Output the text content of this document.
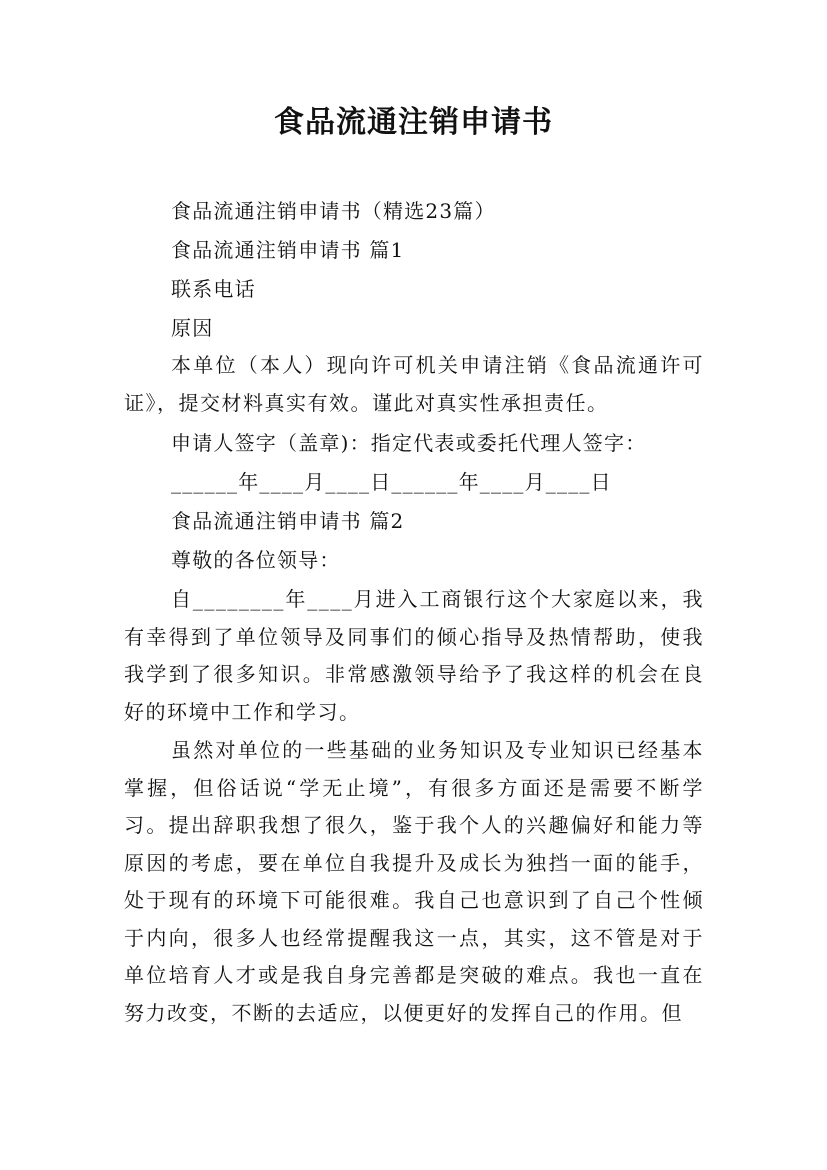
食品流通注销申请书
食品流通注销申请书（精选23篇）
食品流通注销申请书 篇1
联系电话
原因
本单位（本人）现向许可机关申请注销《食品流通许可证》，提交材料真实有效。谨此对真实性承担责任。
申请人签字（盖章)：指定代表或委托代理人签字：
______年____月____日______年____月____日
食品流通注销申请书 篇2
尊敬的各位领导：
自________年____月进入工商银行这个大家庭以来，我有幸得到了单位领导及同事们的倾心指导及热情帮助，使我我学到了很多知识。非常感激领导给予了我这样的机会在良好的环境中工作和学习。
虽然对单位的一些基础的业务知识及专业知识已经基本掌握，但俗话说“学无止境”，有很多方面还是需要不断学习。提出辞职我想了很久，鉴于我个人的兴趣偏好和能力等原因的考虑，要在单位自我提升及成长为独挡一面的能手，处于现有的环境下可能很难。我自己也意识到了自己个性倾于内向，很多人也经常提醒我这一点，其实，这不管是对于单位培育人才或是我自身完善都是突破的难点。我也一直在努力改变，不断的去适应，以便更好的发挥自己的作用。但
